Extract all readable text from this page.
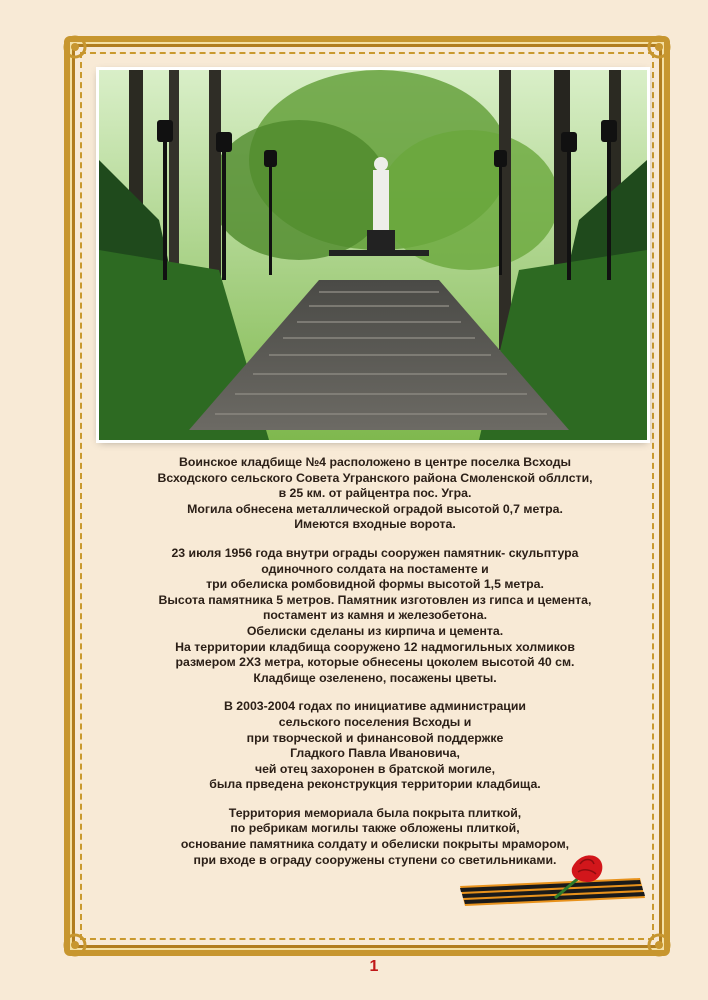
Воинское кладбище №4 расположено в центре поселка Всходы
Всходского сельского Совета Угранского района Смоленской обллсти,
в 25 км. от райцентра пос. Угра.
Могила обнесена металлической оградой высотой 0,7 метра.
Имеются входные ворота.
23 июля 1956 года внутри ограды сооружен памятник- скульптура
одиночного солдата на постаменте и
три обелиска ромбовидной формы высотой 1,5 метра.
Высота памятника 5 метров. Памятник изготовлен из гипса и цемента,
постамент из камня и железобетона.
Обелиски сделаны из кирпича и цемента.
На территории кладбища сооружено 12 надмогильных холмиков
размером 2Х3 метра, которые обнесены цоколем высотой 40 см.
Кладбище озеленено, посажены цветы.
В 2003-2004 годах по инициативе администрации
сельского поселения Всходы и
при творческой и финансовой поддержке
Гладкого Павла Ивановича,
чей отец захоронен в братской могиле,
была прведена реконструкция территории кладбища.
Территория мемориала была покрыта плиткой,
по ребрикам могилы также обложены плиткой,
основание памятника солдату и обелиски покрыты мрамором,
при входе в ограду сооружены ступени со светильниками.
1
